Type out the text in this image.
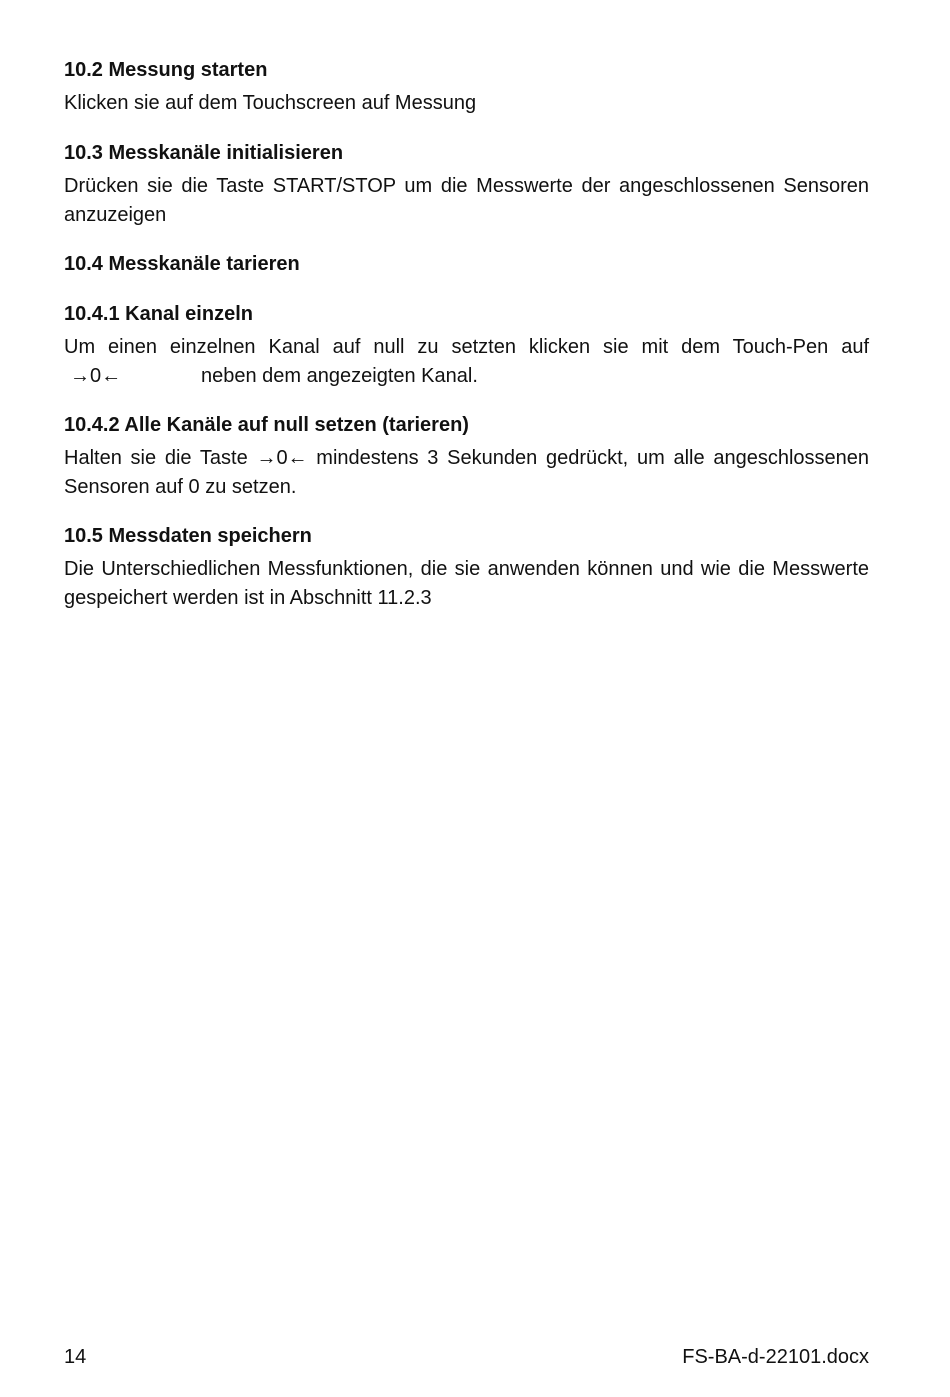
10.2 Messung starten

Klicken sie auf dem Touchscreen auf Messung

10.3 Messkanäle initialisieren

Drücken sie die Taste START/STOP um die Messwerte der angeschlossenen Sensoren anzuzeigen

10.4 Messkanäle tarieren
10.4.1 Kanal einzeln

Um einen einzelnen Kanal auf null zu setzten klicken sie mit dem Touch-Pen auf

→0←	neben dem angezeigten Kanal.

10.4.2 Alle Kanäle auf null setzen (tarieren)

Halten sie die Taste →0← mindestens 3 Sekunden gedrückt, um alle angeschlossenen Sensoren auf 0 zu setzen.

10.5 Messdaten speichern

Die Unterschiedlichen Messfunktionen, die sie anwenden können und wie die Messwerte gespeichert werden ist in Abschnitt 11.2.3

14	FS-BA-d-22101.docx
